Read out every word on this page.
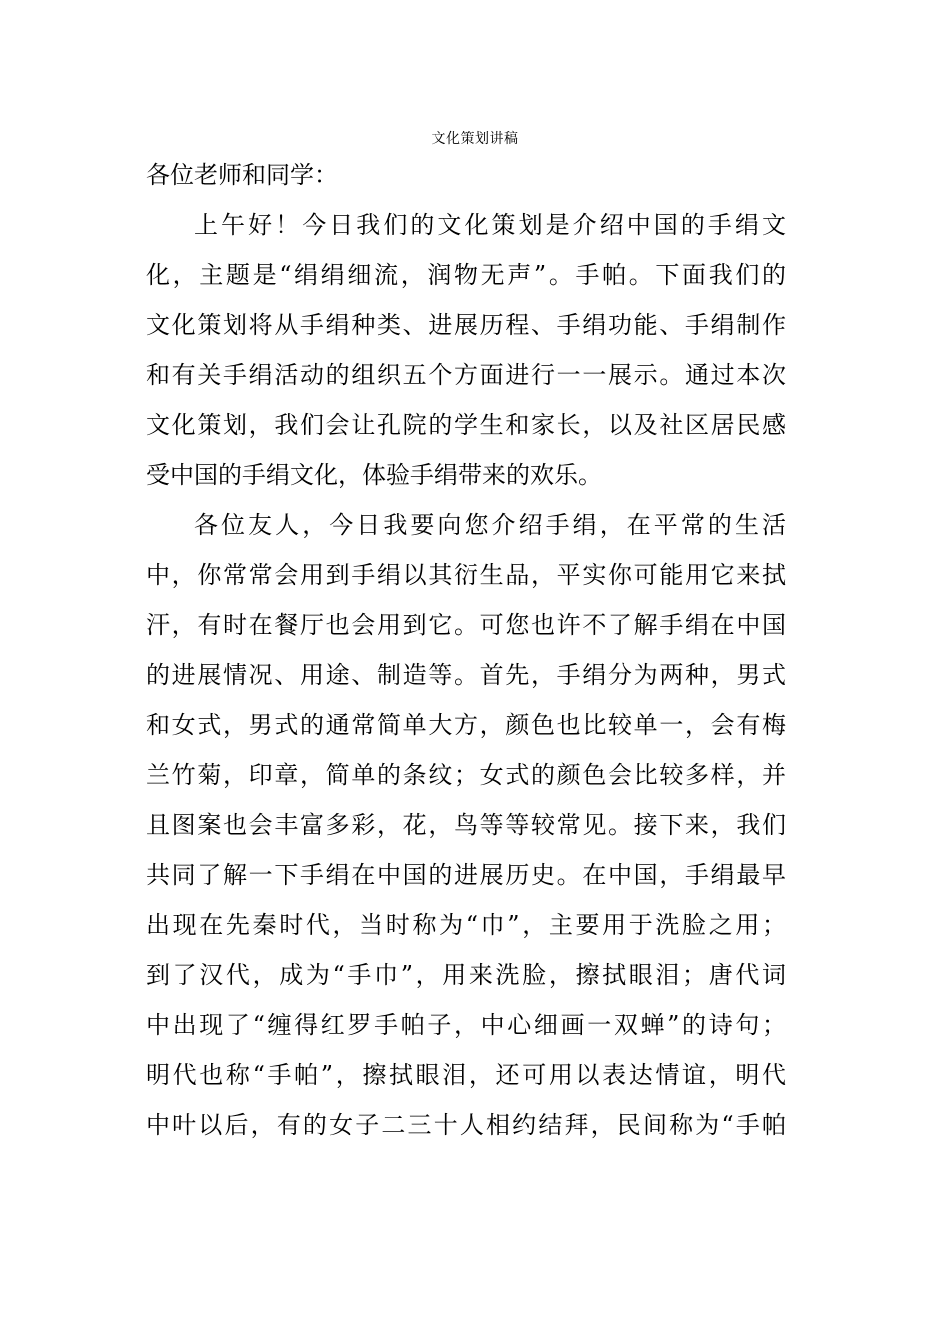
文化策划讲稿
各位老师和同学：
上午好！今日我们的文化策划是介绍中国的手绢文
化，主题是“绢绢细流，润物无声”。手帕。下面我们的
文化策划将从手绢种类、进展历程、手绢功能、手绢制作
和有关手绢活动的组织五个方面进行一一展示。通过本次
文化策划，我们会让孔院的学生和家长，以及社区居民感
受中国的手绢文化，体验手绢带来的欢乐。
各位友人，今日我要向您介绍手绢，在平常的生活
中，你常常会用到手绢以其衍生品，平实你可能用它来拭
汗，有时在餐厅也会用到它。可您也许不了解手绢在中国
的进展情况、用途、制造等。首先，手绢分为两种，男式
和女式，男式的通常简单大方，颜色也比较单一，会有梅
兰竹菊，印章，简单的条纹；女式的颜色会比较多样，并
且图案也会丰富多彩，花，鸟等等较常见。接下来，我们
共同了解一下手绢在中国的进展历史。在中国，手绢最早
出现在先秦时代，当时称为“巾”，主要用于洗脸之用；
到了汉代，成为“手巾”，用来洗脸，擦拭眼泪；唐代词
中出现了“缠得红罗手帕子，中心细画一双蝉”的诗句；
明代也称“手帕”，擦拭眼泪，还可用以表达情谊，明代
中叶以后，有的女子二三十人相约结拜，民间称为“手帕
